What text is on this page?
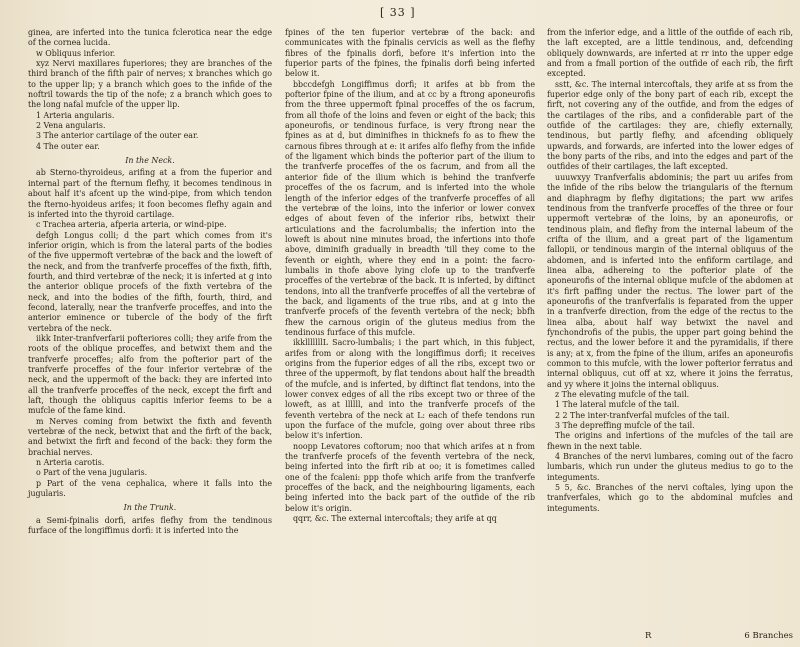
[ 33 ]

ginea, are inferted into the tunica fclerotica near the edge of the cornea lucida.

w Obliquus inferior.

xyz Nervi maxillares fuperiores; they are branches of the third branch of the fifth pair of nerves; x branches which go to the upper lip; y a branch which goes to the infide of the noftril towards the tip of the nofe; z a branch which goes to the long nafal mufcle of the upper lip.

1 Arteria angularis.

2 Vena angularis.

3 The anterior cartilage of the outer ear.

4 The outer ear.

In the Neck.

ab Sterno-thyroideus, arifing at a from the fuperior and internal part of the fternum flefhy, it becomes tendinous in about half it's afcent up the wind-pipe, from which tendon the fterno-hyoideus arifes; it foon becomes flefhy again and is inferted into the thyroid cartilage.

c Trachea arteria, afperia arteria, or wind-pipe.

defgh Longus colli; d the part which comes from it's inferior origin, which is from the lateral parts of the bodies of the five uppermoft vertebræ of the back and the loweft of the neck, and from the tranfverfe proceffes of the fixth, fifth, fourth, and third vertebræ of the neck; it is inferted at g into the anterior oblique procefs of the fixth vertebra of the neck, and into the bodies of the fifth, fourth, third, and fecond, laterally, near the tranfverfe proceffes, and into the anterior eminence or tubercle of the body of the firft vertebra of the neck.

iikk Inter-tranfverfarii pofteriores colli; they arife from the roots of the oblique proceffes, and betwixt them and the tranfverfe proceffes; alfo from the pofterior part of the tranfverfe proceffes of the four inferior vertebræ of the neck, and the uppermoft of the back: they are inferted into all the tranfverfe proceffes of the neck, except the firft and laft, though the obliquus capitis inferior feems to be a mufcle of the fame kind.

m Nerves coming from betwixt the fixth and feventh vertebræ of the neck, betwixt that and the firft of the back, and betwixt the firft and fecond of the back: they form the brachial nerves.

n Arteria carotis.

o Part of the vena jugularis.

p Part of the vena cephalica, where it falls into the jugularis.

In the Trunk.

a Semi-fpinalis dorfi, arifes flefhy from the tendinous furface of the longiffimus dorfi: it is inferted into the

fpines of the ten fuperior vertebræ of the back: and communicates with the fpinalis cervicis as well as the flefhy fibres of the fpinalis dorfi, before it's infertion into the fuperior parts of the fpines, the fpinalis dorfi being inferted below it.

bbccdefgh Longiffimus dorfi; it arifes at bb from the pofterior fpine of the ilium, and at cc by a ftrong aponeurofis from the three uppermoft fpinal proceffes of the os facrum, from all thofe of the loins and feven or eight of the back; this aponeurofis, or tendinous furface, is very ftrong near the fpines as at d, but diminifhes in thicknefs fo as to fhew the carnous fibres through at e: it arifes alfo flefhy from the infide of the ligament which binds the pofterior part of the ilium to the tranfverfe proceffes of the os facrum, and from all the anterior fide of the ilium which is behind the tranfverfe proceffes of the os facrum, and is inferted into the whole length of the inferior edges of the tranfverfe proceffes of all the vertebræ of the loins, into the inferior or lower convex edges of about feven of the inferior ribs, betwixt their articulations and the facrolumbalis; the infertion into the loweft is about nine minutes broad, the infertions into thofe above, diminifh gradually in breadth 'till they come to the feventh or eighth, where they end in a point: the facro-lumbalis in thofe above lying clofe up to the tranfverfe proceffes of the vertebræ of the back. It is inferted, by diftinct tendons, into all the tranfverfe proceffes of all the vertebræ of the back, and ligaments of the true ribs, and at g into the tranfverfe procefs of the feventh vertebra of the neck; bbfh fhew the carnous origin of the gluteus medius from the tendinous furface of this mufcle.

ikklllllllL Sacro-lumbalis; i the part which, in this fubject, arifes from or along with the longiffimus dorfi; it receives origins from the fuperior edges of all the ribs, except two or three of the uppermoft, by flat tendons about half the breadth of the mufcle, and is inferted, by diftinct flat tendons, into the lower convex edges of all the ribs except two or three of the loweft, as at llllll, and into the tranfverfe procefs of the feventh vertebra of the neck at L: each of thefe tendons run upon the furface of the mufcle, going over about three ribs below it's infertion.

noopp Levatores coftorum; noo that which arifes at n from the tranfverfe procefs of the feventh vertebra of the neck, being inferted into the firft rib at oo; it is fometimes called one of the fcaleni: ppp thofe which arife from the tranfverfe proceffes of the back, and the neighbouring ligaments, each being inferted into the back part of the outfide of the rib below it's origin.

qqrr, &c. The external intercoftals; they arife at qq

from the inferior edge, and a little of the outfide of each rib, the laft excepted, are a little tendinous, and, defcending obliquely downwards, are inferted at rr into the upper edge and from a fmall portion of the outfide of each rib, the firft excepted.

sstt, &c. The internal intercoftals, they arife at ss from the fuperior edge only of the bony part of each rib, except the firft, not covering any of the outfide, and from the edges of the cartilages of the ribs, and a confiderable part of the outfide of the cartilages: they are, chiefly externally, tendinous, but partly flefhy, and afcending obliquely upwards, and forwards, are inferted into the lower edges of the bony parts of the ribs, and into the edges and part of the outfides of their cartilages, the laft excepted.

uuuwxyy Tranfverfalis abdominis; the part uu arifes from the infide of the ribs below the triangularis of the fternum and diaphragm by flefhy digitations; the part ww arifes tendinous from the tranfverfe proceffes of the three or four uppermoft vertebræ of the loins, by an aponeurofis, or tendinous plain, and flefhy from the internal labeum of the crifta of the ilium, and a great part of the ligamentum fallopii, or tendinous margin of the internal obliquus of the abdomen, and is inferted into the enfiform cartilage, and linea alba, adhereing to the pofterior plate of the aponeurofis of the internal oblique mufcle of the abdomen at it's firft paffing under the rectus. The lower part of the aponeurofis of the tranfverfalis is feparated from the upper in a tranfverfe direction, from the edge of the rectus to the linea alba, about half way betwixt the navel and fynchondrofis of the pubis, the upper part going behind the rectus, and the lower before it and the pyramidalis, if there is any; at x, from the fpine of the ilium, arifes an aponeurofis common to this mufcle, with the lower pofterior ferratus and internal obliquus, cut off at xz, where it joins the ferratus, and yy where it joins the internal obliquus.

z The elevating mufcle of the tail.

1 The lateral mufcle of the tail.

2 2 The inter-tranfverfal mufcles of the tail.

3 The depreffing mufcle of the tail.

The origins and infertions of the mufcles of the tail are fhewn in the next table.

4 Branches of the nervi lumbares, coming out of the facro lumbaris, which run under the gluteus medius to go to the integuments.

5 5, &c. Branches of the nervi coftales, lying upon the tranfverfales, which go to the abdominal mufcles and integuments.

R	6 Branches
